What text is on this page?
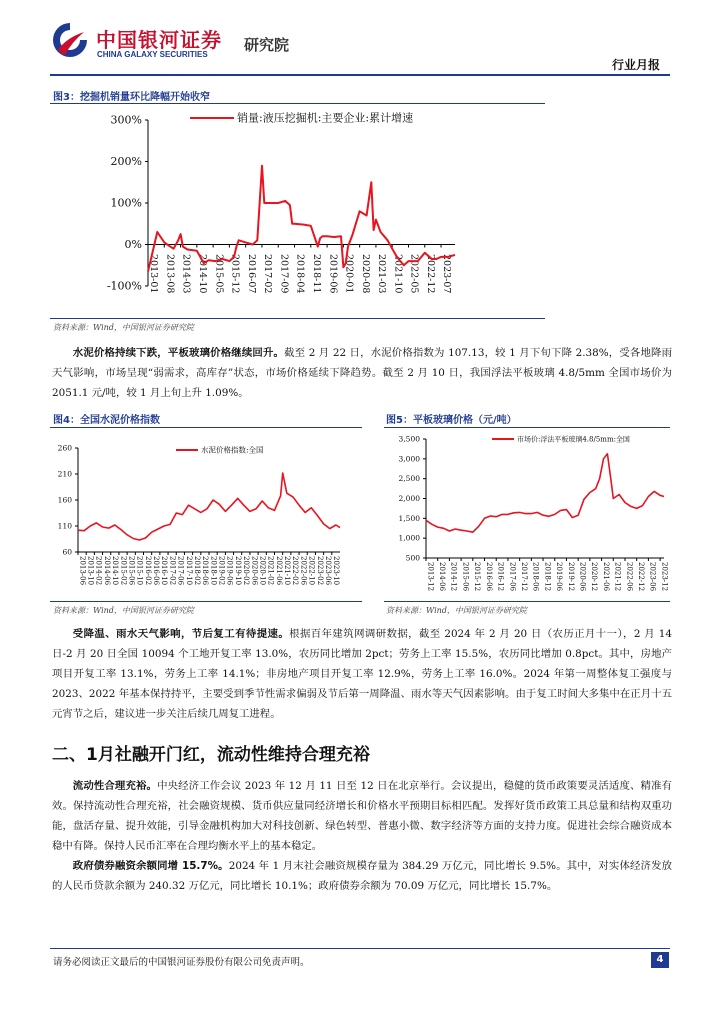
中国银河证券
CHINA GALAXY SECURITIES
研究院
行业月报
图3：挖掘机销量环比降幅开始收窄
-100%
0%
100%
200%
300%
2013-01 2013-08 2014-03 2014-10 2015-05 2015-12 2016-07 2017-02 2017-09 2018-04 2018-11 2019-06 2020-01 2020-08 2021-03 2021-10 2022-05 2022-12 2023-07
销量:液压挖掘机:主要企业:累计增速
资料来源：Wind，中国银河证券研究院
水泥价格持续下跌，平板玻璃价格继续回升。截至 2 月 22 日，水泥价格指数为 107.13，较 1 月下旬下降 2.38%，受各地降雨天气影响，市场呈现“弱需求，高库存”状态，市场价格延续下降趋势。截至 2 月 10 日，我国浮法平板玻璃 4.8/5mm 全国市场价为 2051.1 元/吨，较 1 月上旬上升 1.09%。
图4：全国水泥价格指数	图5：平板玻璃价格（元/吨）
60
110
160
210
260
2013-06 2013-10 2014-02 2014-06 2014-10 2015-02 2015-06 2015-10 2016-02 2016-06 2016-10 2017-02 2017-06 2017-10 2018-02 2018-06 2018-10 2019-02 2019-06 2019-10 2020-02 2020-06 2020-10 2021-02 2021-06 2021-10 2022-02 2022-06 2022-10 2023-02 2023-06 2023-10
水泥价格指数:全国
500
1,000
1,500
2,000
2,500
3,000
3,500
2013-12 2014-06 2014-12 2015-06 2015-12 2016-06 2016-12 2017-06 2017-12 2018-06 2018-12 2019-06 2019-12 2020-06 2020-12 2021-06 2021-12 2022-06 2022-12 2023-06 2023-12
市场价:浮法平板玻璃4.8/5mm:全国
资料来源：Wind，中国银河证券研究院	资料来源：Wind，中国银河证券研究院
受降温、雨水天气影响，节后复工有待提速。根据百年建筑网调研数据，截至 2024 年 2 月 20 日（农历正月十一），2 月 14 日-2 月 20 日全国 10094 个工地开复工率 13.0%，农历同比增加 2pct；劳务上工率 15.5%，农历同比增加 0.8pct。其中，房地产项目开复工率 13.1%，劳务上工率 14.1%；非房地产项目开复工率 12.9%，劳务上工率 16.0%。2024 年第一周整体复工强度与 2023、2022 年基本保持持平，主要受到季节性需求偏弱及节后第一周降温、雨水等天气因素影响。由于复工时间大多集中在正月十五元宵节之后，建议进一步关注后续几周复工进程。
二、1月社融开门红，流动性维持合理充裕
流动性合理充裕。中央经济工作会议 2023 年 12 月 11 日至 12 日在北京举行。会议提出，稳健的货币政策要灵活适度、精准有效。保持流动性合理充裕，社会融资规模、货币供应量同经济增长和价格水平预期目标相匹配。发挥好货币政策工具总量和结构双重功能，盘活存量、提升效能，引导金融机构加大对科技创新、绿色转型、普惠小微、数字经济等方面的支持力度。促进社会综合融资成本稳中有降。保持人民币汇率在合理均衡水平上的基本稳定。
政府债券融资余额同增 15.7%。2024 年 1 月末社会融资规模存量为 384.29 万亿元，同比增长 9.5%。其中，对实体经济发放的人民币贷款余额为 240.32 万亿元，同比增长 10.1%；政府债券余额为 70.09 万亿元，同比增长 15.7%。
请务必阅读正文最后的中国银河证券股份有限公司免责声明。	4
